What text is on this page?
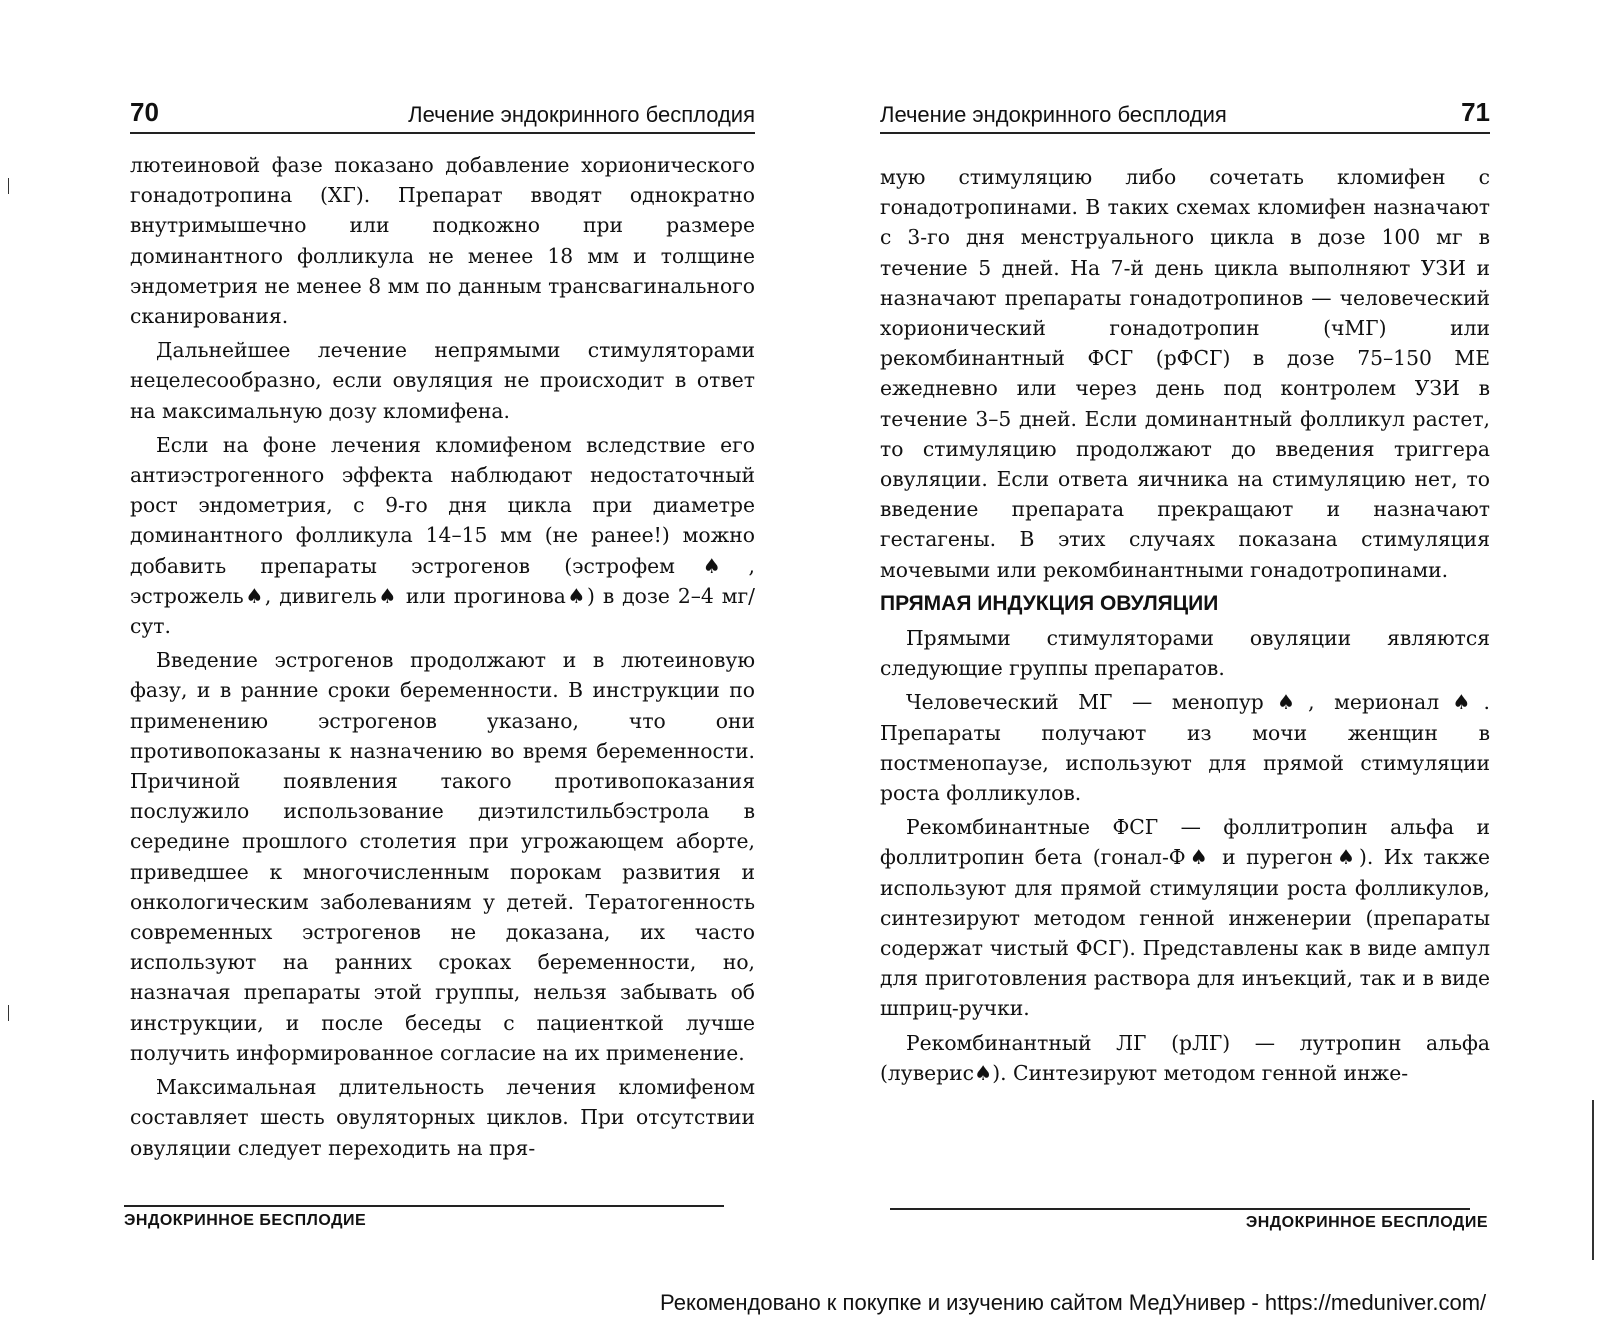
70	Лечение эндокринного бесплодия

лютеиновой фазе показано добавление хорионического гонадотропина (ХГ). Препарат вводят однократно внутримышечно или подкожно при размере доминантного фолликула не менее 18 мм и толщине эндометрия не менее 8 мм по данным трансвагинального сканирования.

Дальнейшее лечение непрямыми стимуляторами нецелесообразно, если овуляция не происходит в ответ на максимальную дозу кломифена.

Если на фоне лечения кломифеном вследствие его антиэстрогенного эффекта наблюдают недостаточный рост эндометрия, с 9-го дня цикла при диаметре доминантного фолликула 14–15 мм (не ранее!) можно добавить препараты эстрогенов (эстрофем♠, эстрожель♠, дивигель♠ или прогинова♠) в дозе 2–4 мг/сут.

Введение эстрогенов продолжают и в лютеиновую фазу, и в ранние сроки беременности. В инструкции по применению эстрогенов указано, что они противопоказаны к назначению во время беременности. Причиной появления такого противопоказания послужило использование диэтилстильбэстрола в середине прошлого столетия при угрожающем аборте, приведшее к многочисленным порокам развития и онкологическим заболеваниям у детей. Тератогенность современных эстрогенов не доказана, их часто используют на ранних сроках беременности, но, назначая препараты этой группы, нельзя забывать об инструкции, и после беседы с пациенткой лучше получить информированное согласие на их применение.

Максимальная длительность лечения кломифеном составляет шесть овуляторных циклов. При отсутствии овуляции следует переходить на пря-

ЭНДОКРИННОЕ БЕСПЛОДИЕ
Лечение эндокринного бесплодия	71

мую стимуляцию либо сочетать кломифен с гонадотропинами. В таких схемах кломифен назначают с 3-го дня менструального цикла в дозе 100 мг в течение 5 дней. На 7-й день цикла выполняют УЗИ и назначают препараты гонадотропинов — человеческий хорионический гонадотропин (чМГ) или рекомбинантный ФСГ (рФСГ) в дозе 75–150 МЕ ежедневно или через день под контролем УЗИ в течение 3–5 дней. Если доминантный фолликул растет, то стимуляцию продолжают до введения триггера овуляции. Если ответа яичника на стимуляцию нет, то введение препарата прекращают и назначают гестагены. В этих случаях показана стимуляция мочевыми или рекомбинантными гонадотропинами.

ПРЯМАЯ ИНДУКЦИЯ ОВУЛЯЦИИ

Прямыми стимуляторами овуляции являются следующие группы препаратов.

Человеческий МГ — менопур♠, мерионал♠. Препараты получают из мочи женщин в постменопаузе, используют для прямой стимуляции роста фолликулов.

Рекомбинантные ФСГ — фоллитропин альфа и фоллитропин бета (гонал-Ф♠ и пурегон♠). Их также используют для прямой стимуляции роста фолликулов, синтезируют методом генной инженерии (препараты содержат чистый ФСГ). Представлены как в виде ампул для приготовления раствора для инъекций, так и в виде шприц-ручки.

Рекомбинантный ЛГ (рЛГ) — лутропин альфа (луверис♠). Синтезируют методом генной инже-

ЭНДОКРИННОЕ БЕСПЛОДИЕ
Рекомендовано к покупке и изучению сайтом МедУнивер - https://meduniver.com/
